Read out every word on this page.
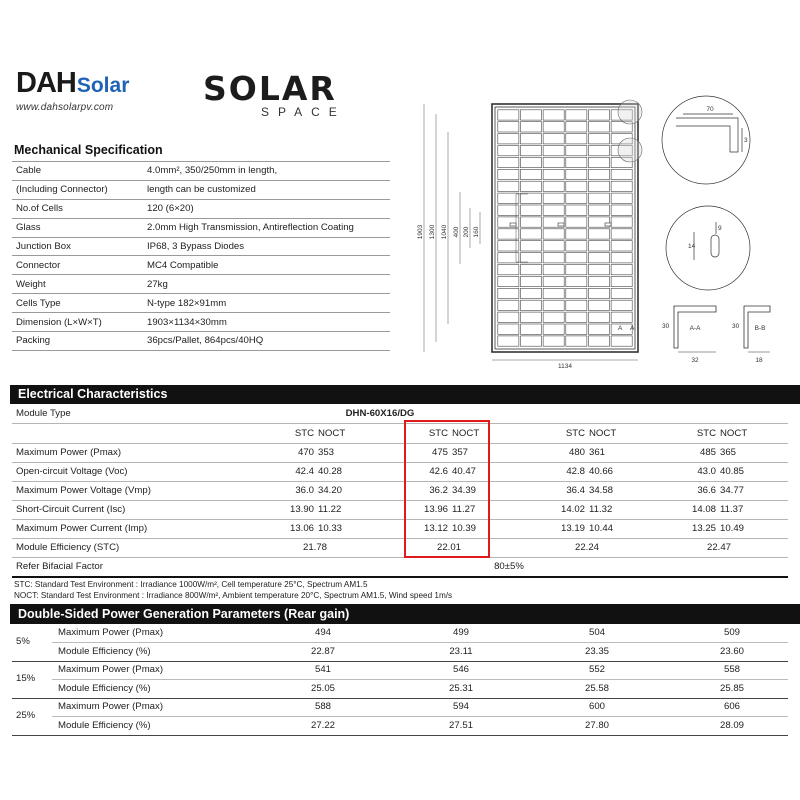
DAHSolar
www.dahsolarpv.com	SOLAR
SPACE
Mechanical Specification
Cable	4.0mm², 350/250mm in length,
(Including Connector)	length can be customized
No.of Cells	120 (6×20)
Glass	2.0mm High Transmission, Antireflection Coating
Junction Box	IP68, 3 Bypass Diodes
Connector	MC4 Compatible
Weight	27kg
Cells Type	N-type 182×91mm
Dimension (L×W×T)	1903×1134×30mm
Packing	36pcs/Pallet, 864pcs/40HQ
1903 1300 1040 400 200 160
1134
A A
70
3
9
14
A-A	B-B
30
32
30
18
Electrical Characteristics
Module Type	DHN-60X16/DG
STC NOCT	STC NOCT	STC NOCT	STC NOCT
Maximum Power (Pmax)	470 353	475 357	480 361	485 365
Open-circuit Voltage (Voc)	42.4 40.28	42.6 40.47	42.8 40.66	43.0 40.85
Maximum Power Voltage (Vmp)	36.0 34.20	36.2 34.39	36.4 34.58	36.6 34.77
Short-Circuit Current (Isc)	13.90 11.22	13.96 11.27	14.02 11.32	14.08 11.37
Maximum Power Current (Imp)	13.06 10.33	13.12 10.39	13.19 10.44	13.25 10.49
Module Efficiency (STC)	21.78	22.01	22.24	22.47
Refer Bifacial Factor	80±5%
STC: Standard Test Environment : Irradiance 1000W/m², Cell temperature 25°C, Spectrum AM1.5
NOCT: Standard Test Environment : Irradiance 800W/m², Ambient temperature 20°C, Spectrum AM1.5, Wind speed 1m/s
Double-Sided Power Generation Parameters (Rear gain)
5%
Maximum Power (Pmax)	494	499	504	509
Module Efficiency (%)	22.87	23.11	23.35	23.60
15%
Maximum Power (Pmax)	541	546	552	558
Module Efficiency (%)	25.05	25.31	25.58	25.85
25%
Maximum Power (Pmax)	588	594	600	606
Module Efficiency (%)	27.22	27.51	27.80	28.09
